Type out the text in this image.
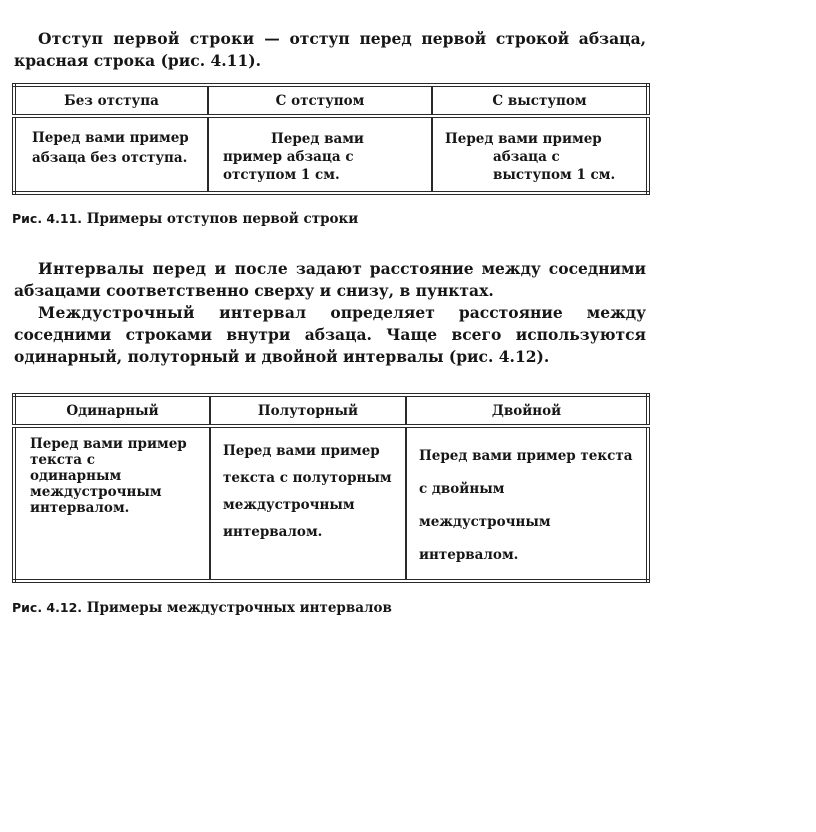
Отступ первой строки — отступ перед первой строкой абзаца, красная строка (рис. 4.11).
Без отступа	С отступом	С выступом

Перед вами пример абзаца без отступа.	Перед вами пример абзаца с отступом 1 см.	Перед вами пример абзаца с выступом 1 см.
Рис. 4.11. Примеры отступов первой строки
Интервалы перед и после задают расстояние между соседними абзацами соответственно сверху и снизу, в пунктах.
Междустрочный интервал определяет расстояние между соседними строками внутри абзаца. Чаще всего используются одинарный, полуторный и двойной интервалы (рис. 4.12).
Одинарный	Полуторный	Двойной

Перед вами пример текста с одинарным междустрочным интервалом.	Перед вами пример текста с полуторным междустрочным интервалом.	Перед вами пример текста с двойным междустрочным интервалом.
Рис. 4.12. Примеры междустрочных интервалов
